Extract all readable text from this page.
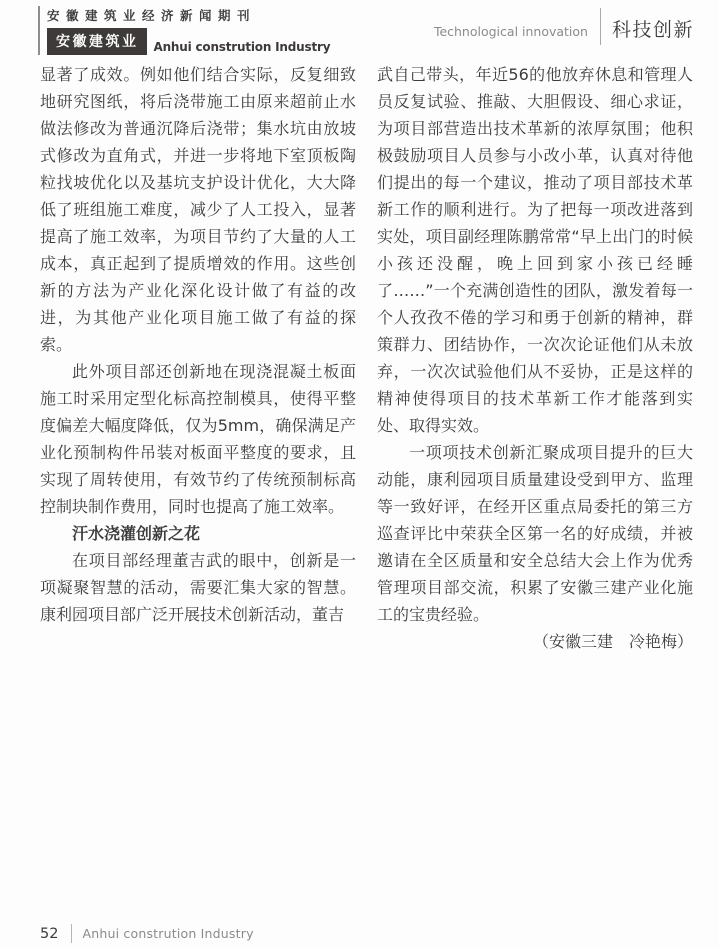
安徽建筑业经济新闻期刊
安徽建筑业	Anhui constrution Industry
Technological innovation 科技创新

显著了成效。例如他们结合实际，反复细致地研究图纸，将后浇带施工由原来超前止水做法修改为普通沉降后浇带；集水坑由放坡式修改为直角式，并进一步将地下室顶板陶粒找坡优化以及基坑支护设计优化，大大降低了班组施工难度，减少了人工投入，显著提高了施工效率，为项目节约了大量的人工成本，真正起到了提质增效的作用。这些创新的方法为产业化深化设计做了有益的改进，为其他产业化项目施工做了有益的探索。

此外项目部还创新地在现浇混凝土板面施工时采用定型化标高控制模具，使得平整度偏差大幅度降低，仅为5mm，确保满足产业化预制构件吊装对板面平整度的要求，且实现了周转使用，有效节约了传统预制标高控制块制作费用，同时也提高了施工效率。

汗水浇灌创新之花

在项目部经理董吉武的眼中，创新是一项凝聚智慧的活动，需要汇集大家的智慧。康利园项目部广泛开展技术创新活动，董吉

武自己带头，年近56的他放弃休息和管理人员反复试验、推敲、大胆假设、细心求证，为项目部营造出技术革新的浓厚氛围；他积极鼓励项目人员参与小改小革，认真对待他们提出的每一个建议，推动了项目部技术革新工作的顺利进行。为了把每一项改进落到实处，项目副经理陈鹏常常“早上出门的时候小孩还没醒，晚上回到家小孩已经睡了……”一个充满创造性的团队，激发着每一个人孜孜不倦的学习和勇于创新的精神，群策群力、团结协作，一次次论证他们从未放弃，一次次试验他们从不妥协，正是这样的精神使得项目的技术革新工作才能落到实处、取得实效。

一项项技术创新汇聚成项目提升的巨大动能，康利园项目质量建设受到甲方、监理等一致好评，在经开区重点局委托的第三方巡查评比中荣获全区第一名的好成绩，并被邀请在全区质量和安全总结大会上作为优秀管理项目部交流，积累了安徽三建产业化施工的宝贵经验。

（安徽三建　冷艳梅）

52 Anhui constrution Industry
